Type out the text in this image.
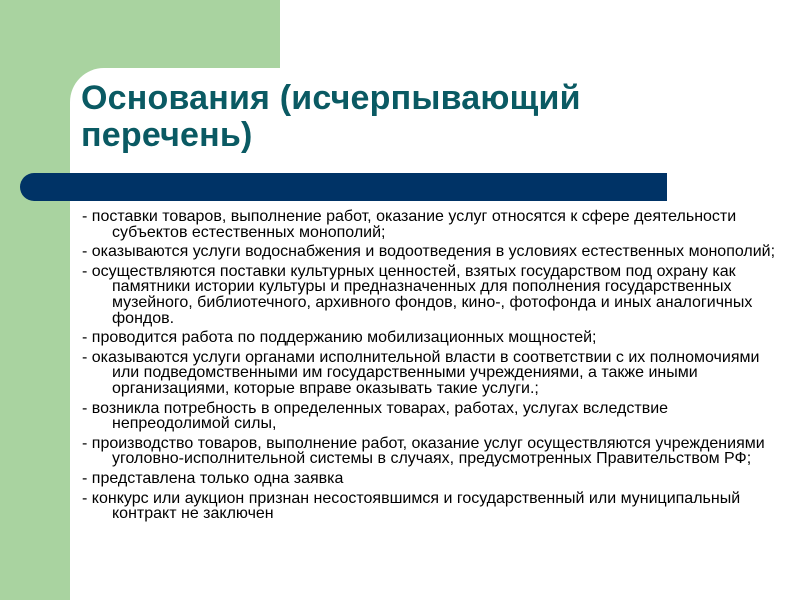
Основания (исчерпывающий
перечень)
- поставки товаров, выполнение работ, оказание услуг относятся к сфере деятельности субъектов естественных монополий;
- оказываются услуги водоснабжения и водоотведения в условиях естественных монополий;
- осуществляются поставки культурных ценностей, взятых государством под охрану как памятники истории культуры и предназначенных для пополнения государственных музейного, библиотечного, архивного фондов, кино-, фотофонда и иных аналогичных фондов.
- проводится работа по поддержанию мобилизационных мощностей;
- оказываются услуги органами исполнительной власти в соответствии с их полномочиями или подведомственными им государственными учреждениями, а также иными организациями, которые вправе оказывать такие услуги.;
- возникла потребность в определенных товарах, работах, услугах вследствие непреодолимой силы,
- производство товаров, выполнение работ, оказание услуг осуществляются учреждениями уголовно-исполнительной системы в случаях, предусмотренных Правительством РФ;
- представлена только одна заявка
- конкурс или аукцион признан несостоявшимся и государственный или муниципальный контракт не заключен
